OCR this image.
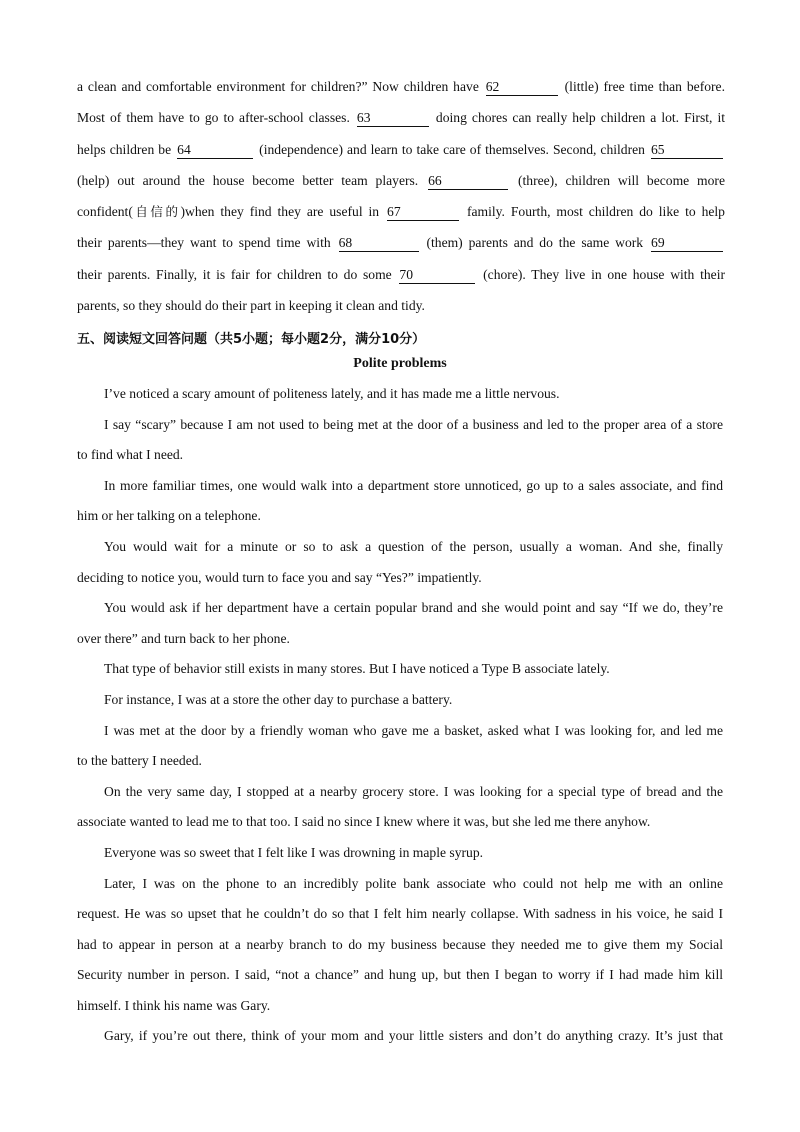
a clean and comfortable environment for children?” Now children have 62	(little) free time than before.
Most of them have to go to after-school classes. 63	doing chores can really help children a lot. First, it
helps children be 64	(independence) and learn to take care of themselves. Second, children 65
(help) out around the house become better team players. 66	(three), children will become more
confident(自信的)when they find they are useful in 67	family. Fourth, most children do like to help
their parents—they want to spend time with 68	(them) parents and do the same work 69
their parents. Finally, it is fair for children to do some 70	(chore). They live in one house with their
parents, so they should do their part in keeping it clean and tidy.
五、阅读短文回答问题（共5小题；每小题2分，满分10分）
Polite problems

I’ve noticed a scary amount of politeness lately, and it has made me a little nervous.

I say “scary” because I am not used to being met at the door of a business and led to the proper area of a store
to find what I need.

In more familiar times, one would walk into a department store unnoticed, go up to a sales associate, and find
him or her talking on a telephone.

You would wait for a minute or so to ask a question of the person, usually a woman. And she, finally
deciding to notice you, would turn to face you and say “Yes?” impatiently.

You would ask if her department have a certain popular brand and she would point and say “If we do, they’re
over there” and turn back to her phone.

That type of behavior still exists in many stores. But I have noticed a Type B associate lately.

For instance, I was at a store the other day to purchase a battery.

I was met at the door by a friendly woman who gave me a basket, asked what I was looking for, and led me
to the battery I needed.

On the very same day, I stopped at a nearby grocery store. I was looking for a special type of bread and the
associate wanted to lead me to that too. I said no since I knew where it was, but she led me there anyhow.

Everyone was so sweet that I felt like I was drowning in maple syrup.

Later, I was on the phone to an incredibly polite bank associate who could not help me with an online
request. He was so upset that he couldn’t do so that I felt him nearly collapse. With sadness in his voice, he said I
had to appear in person at a nearby branch to do my business because they needed me to give them my Social
Security number in person. I said, “not a chance” and hung up, but then I began to worry if I had made him kill
himself. I think his name was Gary.

Gary, if you’re out there, think of your mom and your little sisters and don’t do anything crazy. It’s just that
